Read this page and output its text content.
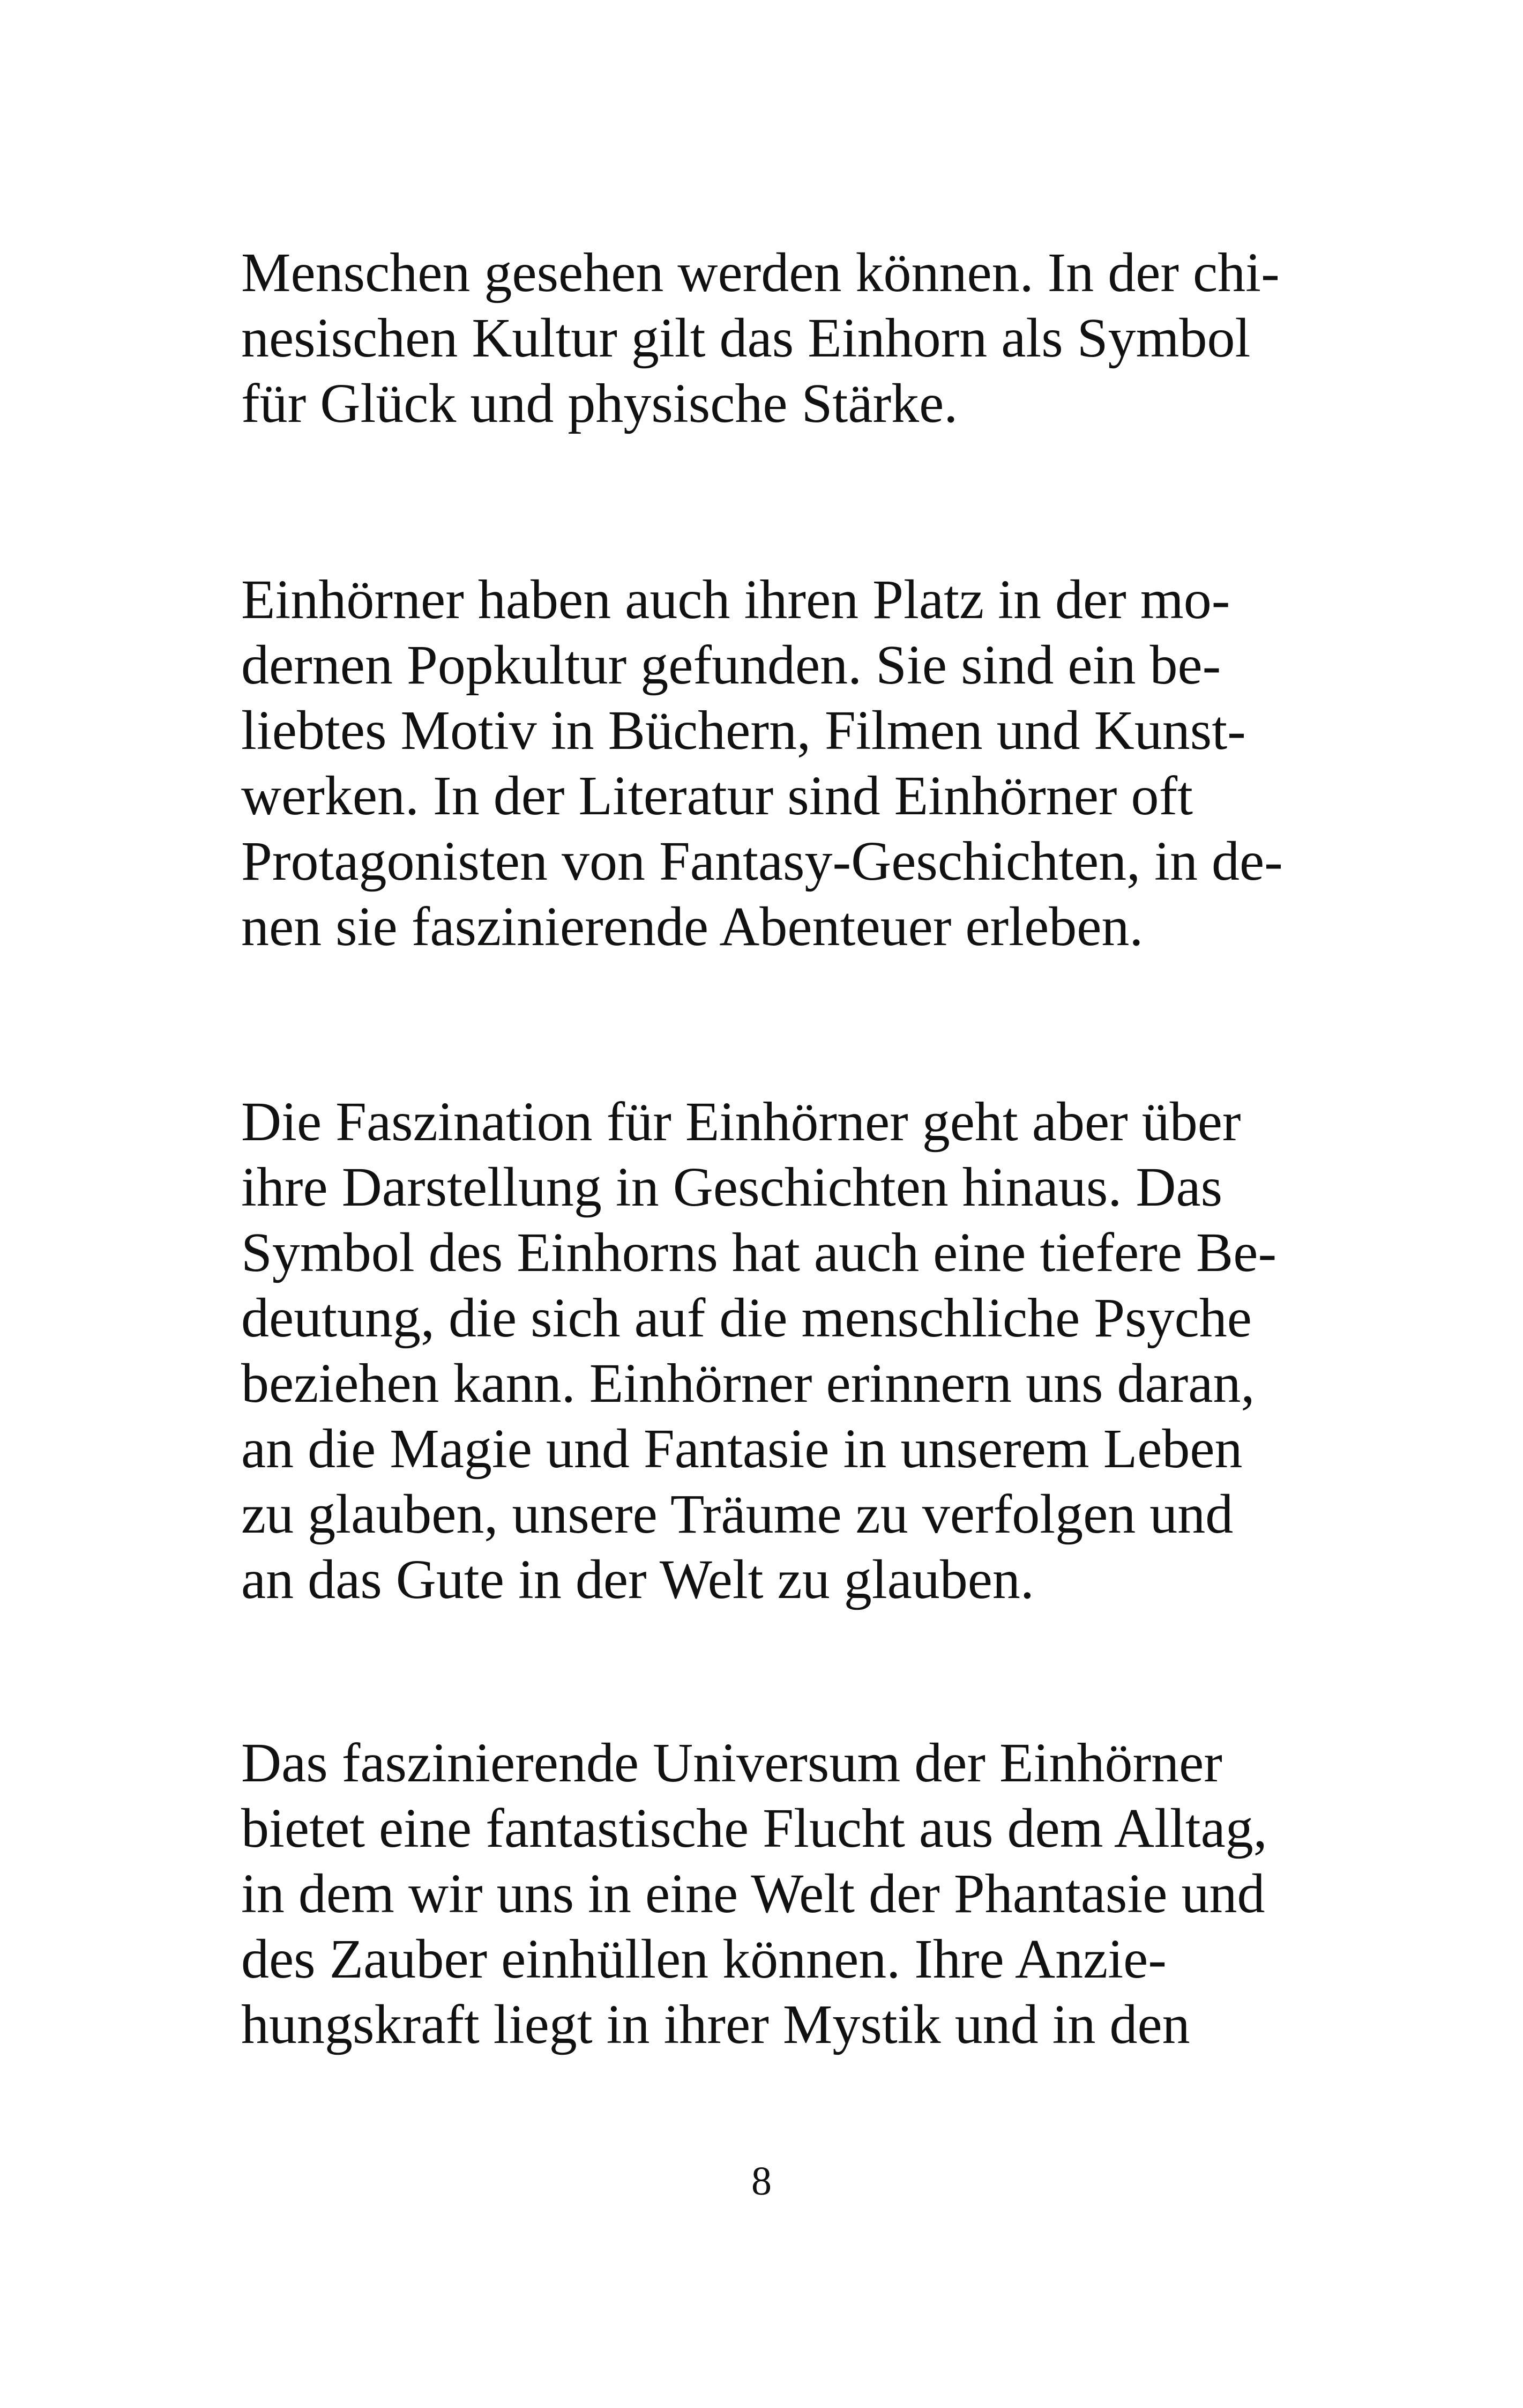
Menschen gesehen werden können. In der chi-
nesischen Kultur gilt das Einhorn als Symbol
für Glück und physische Stärke.

Einhörner haben auch ihren Platz in der mo-
dernen Popkultur gefunden. Sie sind ein be-
liebtes Motiv in Büchern, Filmen und Kunst-
werken. In der Literatur sind Einhörner oft
Protagonisten von Fantasy-Geschichten, in de-
nen sie faszinierende Abenteuer erleben.

Die Faszination für Einhörner geht aber über
ihre Darstellung in Geschichten hinaus. Das
Symbol des Einhorns hat auch eine tiefere Be-
deutung, die sich auf die menschliche Psyche
beziehen kann. Einhörner erinnern uns daran,
an die Magie und Fantasie in unserem Leben
zu glauben, unsere Träume zu verfolgen und
an das Gute in der Welt zu glauben.

Das faszinierende Universum der Einhörner
bietet eine fantastische Flucht aus dem Alltag,
in dem wir uns in eine Welt der Phantasie und
des Zauber einhüllen können. Ihre Anzie-
hungskraft liegt in ihrer Mystik und in den

8
